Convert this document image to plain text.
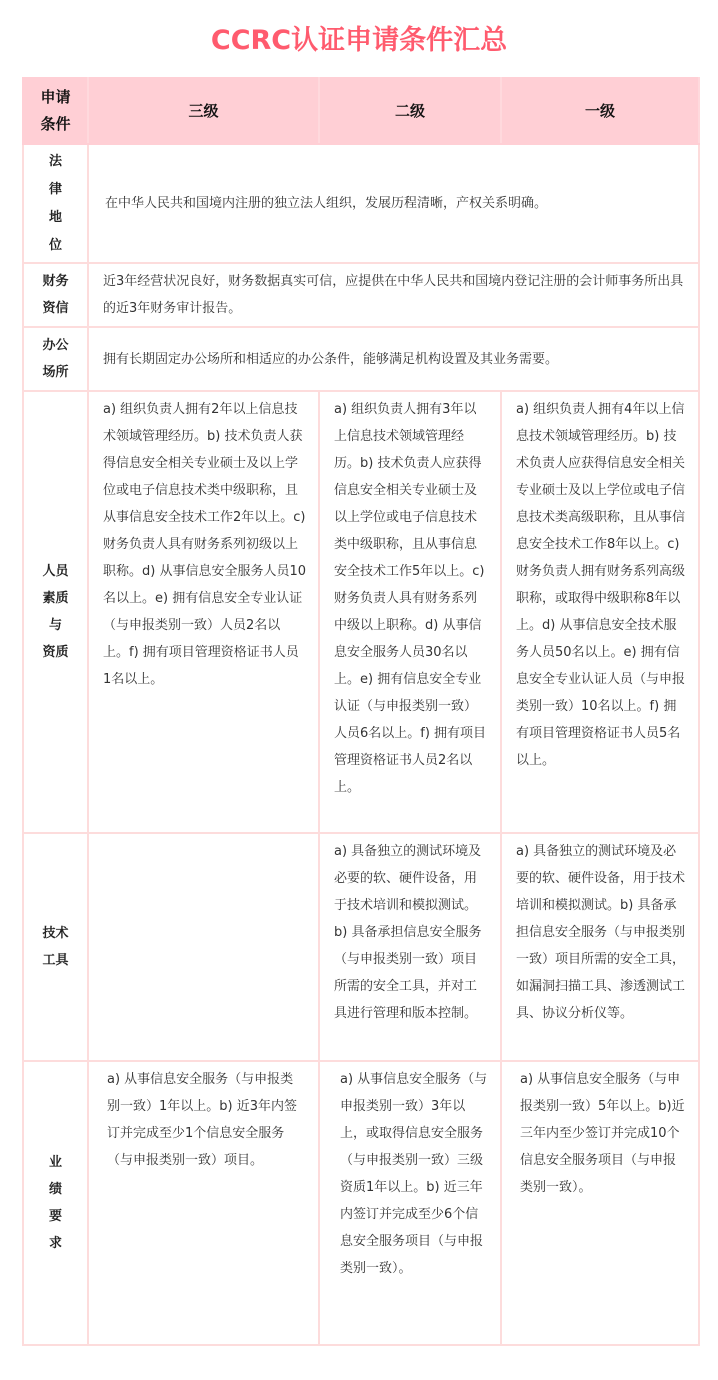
CCRC认证申请条件汇总
申请
条件	三级	二级	一级

法
律
地
位	在中华人民共和国境内注册的独立法人组织，发展历程清晰，产权关系明确。		

财务
资信	近3年经营状况良好，财务数据真实可信，应提供在中华人民共和国境内登记注册的会计师事务所出具的近3年财务审计报告。		

办公
场所	拥有长期固定办公场所和相适应的办公条件，能够满足机构设置及其业务需要。		

人员
素质
与
资质	a) 组织负责人拥有2年以上信息技术领域管理经历。b) 技术负责人获得信息安全相关专业硕士及以上学位或电子信息技术类中级职称，且从事信息安全技术工作2年以上。c) 财务负责人具有财务系列初级以上职称。d) 从事信息安全服务人员10名以上。e) 拥有信息安全专业认证（与申报类别一致）人员2名以上。f) 拥有项目管理资格证书人员1名以上。	a) 组织负责人拥有3年以上信息技术领域管理经历。b) 技术负责人应获得信息安全相关专业硕士及以上学位或电子信息技术类中级职称，且从事信息安全技术工作5年以上。c) 财务负责人具有财务系列中级以上职称。d) 从事信息安全服务人员30名以上。e) 拥有信息安全专业认证（与申报类别一致）人员6名以上。f) 拥有项目管理资格证书人员2名以上。	a) 组织负责人拥有4年以上信息技术领域管理经历。b) 技术负责人应获得信息安全相关专业硕士及以上学位或电子信息技术类高级职称，且从事信息安全技术工作8年以上。c) 财务负责人拥有财务系列高级职称，或取得中级职称8年以上。d) 从事信息安全技术服务人员50名以上。e) 拥有信息安全专业认证人员（与申报类别一致）10名以上。f) 拥有项目管理资格证书人员5名以上。

技术
工具		a) 具备独立的测试环境及必要的软、硬件设备，用于技术培训和模拟测试。b) 具备承担信息安全服务（与申报类别一致）项目所需的安全工具，并对工具进行管理和版本控制。	a) 具备独立的测试环境及必要的软、硬件设备，用于技术培训和模拟测试。b) 具备承担信息安全服务（与申报类别一致）项目所需的安全工具，如漏洞扫描工具、渗透测试工具、协议分析仪等。

业
绩
要
求	a) 从事信息安全服务（与申报类别一致）1年以上。b) 近3年内签订并完成至少1个信息安全服务（与申报类别一致）项目。	a) 从事信息安全服务（与申报类别一致）3年以上，或取得信息安全服务（与申报类别一致）三级资质1年以上。b) 近三年内签订并完成至少6个信息安全服务项目（与申报类别一致）。	a) 从事信息安全服务（与申报类别一致）5年以上。b)近三年内至少签订并完成10个信息安全服务项目（与申报类别一致）。
